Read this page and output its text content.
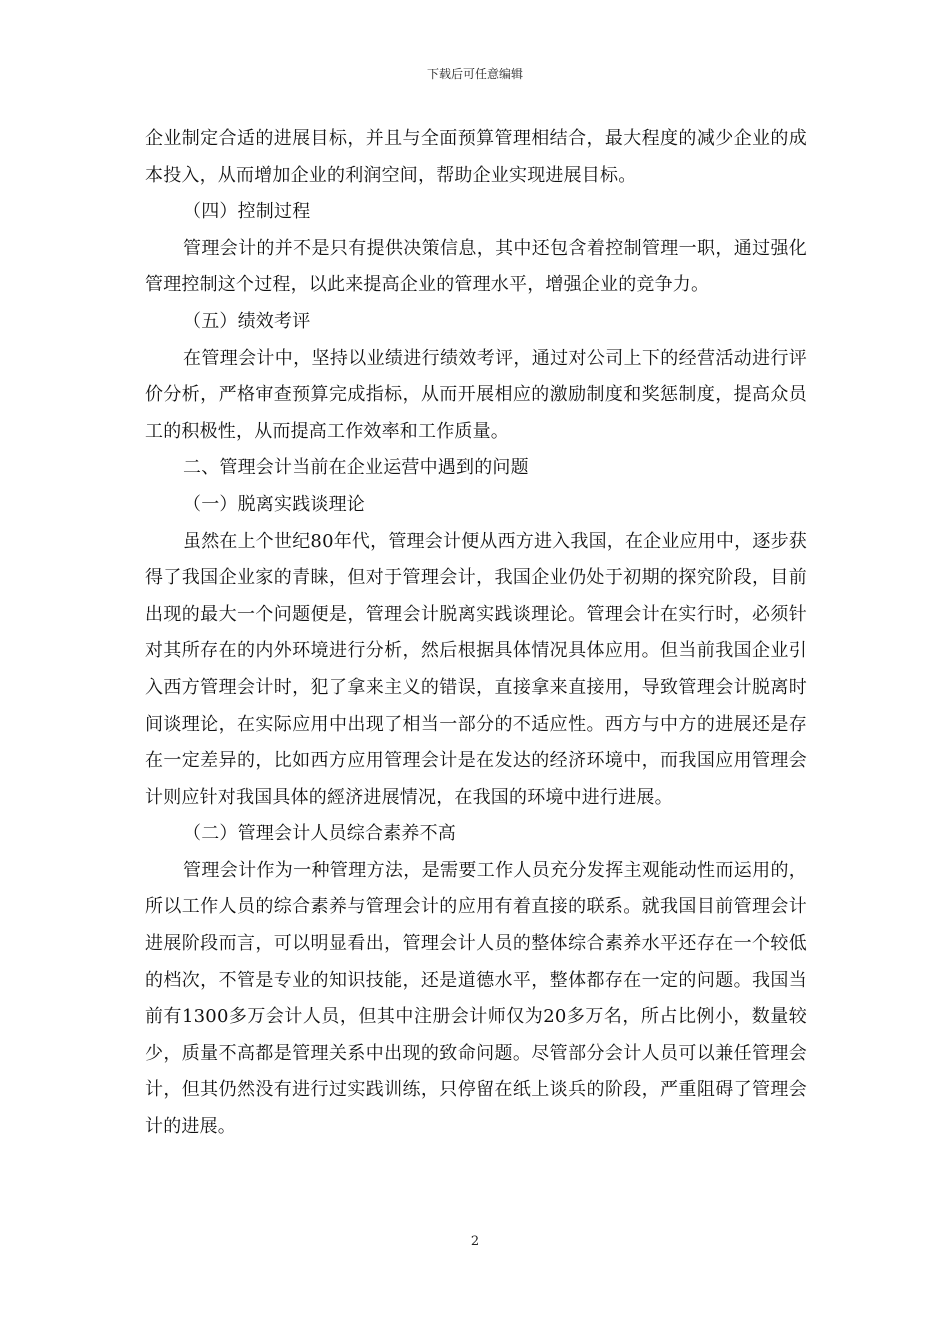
下载后可任意编辑

企业制定合适的进展目标，并且与全面预算管理相结合，最大程度的减少企业的成本投入，从而增加企业的利润空间，帮助企业实现进展目标。

（四）控制过程

管理会计的并不是只有提供决策信息，其中还包含着控制管理一职，通过强化管理控制这个过程，以此来提高企业的管理水平，增强企业的竞争力。

（五）绩效考评

在管理会计中，坚持以业绩进行绩效考评，通过对公司上下的经营活动进行评价分析，严格审查预算完成指标，从而开展相应的激励制度和奖惩制度，提高众员工的积极性，从而提高工作效率和工作质量。

二、管理会计当前在企业运营中遇到的问题

（一）脱离实践谈理论

虽然在上个世纪80年代，管理会计便从西方进入我国，在企业应用中，逐步获得了我国企业家的青睐，但对于管理会计，我国企业仍处于初期的探究阶段，目前出现的最大一个问题便是，管理会计脱离实践谈理论。管理会计在实行时，必须针对其所存在的内外环境进行分析，然后根据具体情况具体应用。但当前我国企业引入西方管理会计时，犯了拿来主义的错误，直接拿来直接用，导致管理会计脱离时间谈理论，在实际应用中出现了相当一部分的不适应性。西方与中方的进展还是存在一定差异的，比如西方应用管理会计是在发达的经济环境中，而我国应用管理会计则应针对我国具体的經济进展情况，在我国的环境中进行进展。

（二）管理会计人员综合素养不高

管理会计作为一种管理方法，是需要工作人员充分发挥主观能动性而运用的，所以工作人员的综合素养与管理会计的应用有着直接的联系。就我国目前管理会计进展阶段而言，可以明显看出，管理会计人员的整体综合素养水平还存在一个较低的档次，不管是专业的知识技能，还是道德水平，整体都存在一定的问题。我国当前有1300多万会计人员，但其中注册会计师仅为20多万名，所占比例小，数量较少，质量不高都是管理关系中出现的致命问题。尽管部分会计人员可以兼任管理会计，但其仍然没有进行过实践训练，只停留在纸上谈兵的阶段，严重阻碍了管理会计的进展。

2
